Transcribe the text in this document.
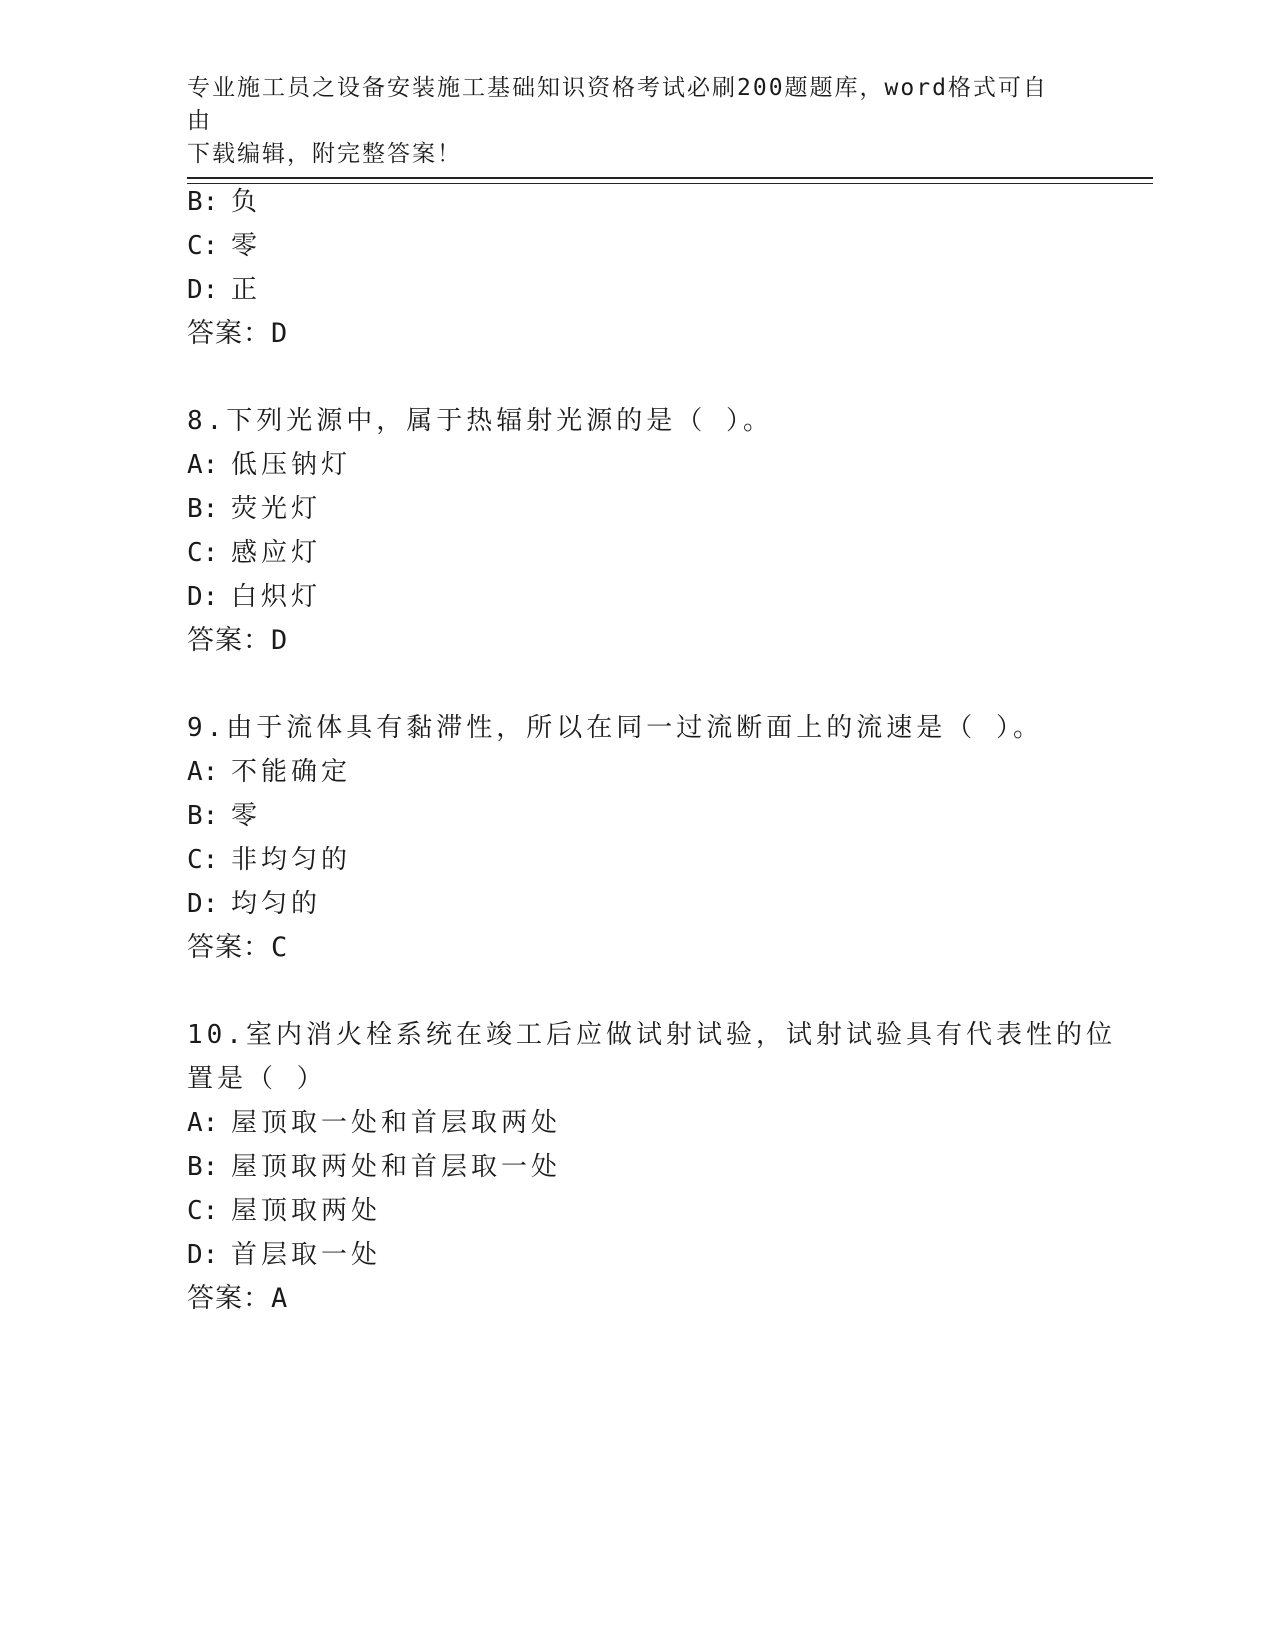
专业施工员之设备安装施工基础知识资格考试必刷200题题库，word格式可自由
下载编辑，附完整答案！
B: 负
C: 零
D: 正
答案：D
8.下列光源中，属于热辐射光源的是（ ）。
A: 低压钠灯
B: 荧光灯
C: 感应灯
D: 白炽灯
答案：D
9.由于流体具有黏滞性，所以在同一过流断面上的流速是（ ）。
A: 不能确定
B: 零
C: 非均匀的
D: 均匀的
答案：C
10.室内消火栓系统在竣工后应做试射试验，试射试验具有代表性的位
置是（ ）
A: 屋顶取一处和首层取两处
B: 屋顶取两处和首层取一处
C: 屋顶取两处
D: 首层取一处
答案：A
